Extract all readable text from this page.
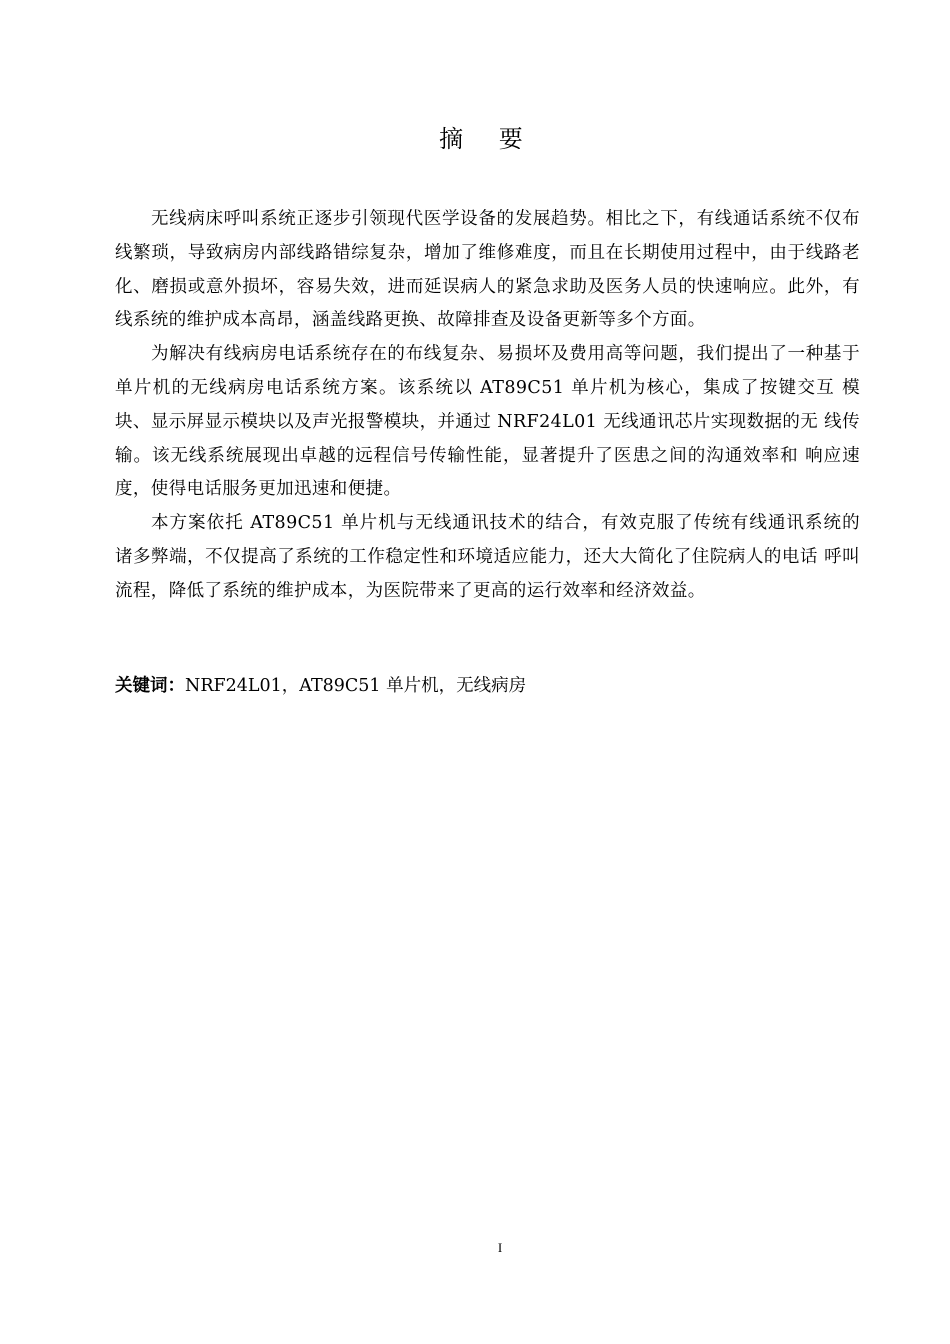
摘 要

无线病床呼叫系统正逐步引领现代医学设备的发展趋势。相比之下，有线通话系统不仅布线繁琐，导致病房内部线路错综复杂，增加了维修难度，而且在长期使用过程中，由于线路老化、磨损或意外损坏，容易失效，进而延误病人的紧急求助及医务人员的快速响应。此外，有线系统的维护成本高昂，涵盖线路更换、故障排查及设备更新等多个方面。

为解决有线病房电话系统存在的布线复杂、易损坏及费用高等问题，我们提出了一种基于单片机的无线病房电话系统方案。该系统以 AT89C51 单片机为核心，集成了按键交互 模块、显示屏显示模块以及声光报警模块，并通过 NRF24L01 无线通讯芯片实现数据的无 线传输。该无线系统展现出卓越的远程信号传输性能，显著提升了医患之间的沟通效率和 响应速度，使得电话服务更加迅速和便捷。

本方案依托 AT89C51 单片机与无线通讯技术的结合，有效克服了传统有线通讯系统的 诸多弊端，不仅提高了系统的工作稳定性和环境适应能力，还大大简化了住院病人的电话 呼叫流程，降低了系统的维护成本，为医院带来了更高的运行效率和经济效益。

关键词：NRF24L01，AT89C51 单片机，无线病房
I
